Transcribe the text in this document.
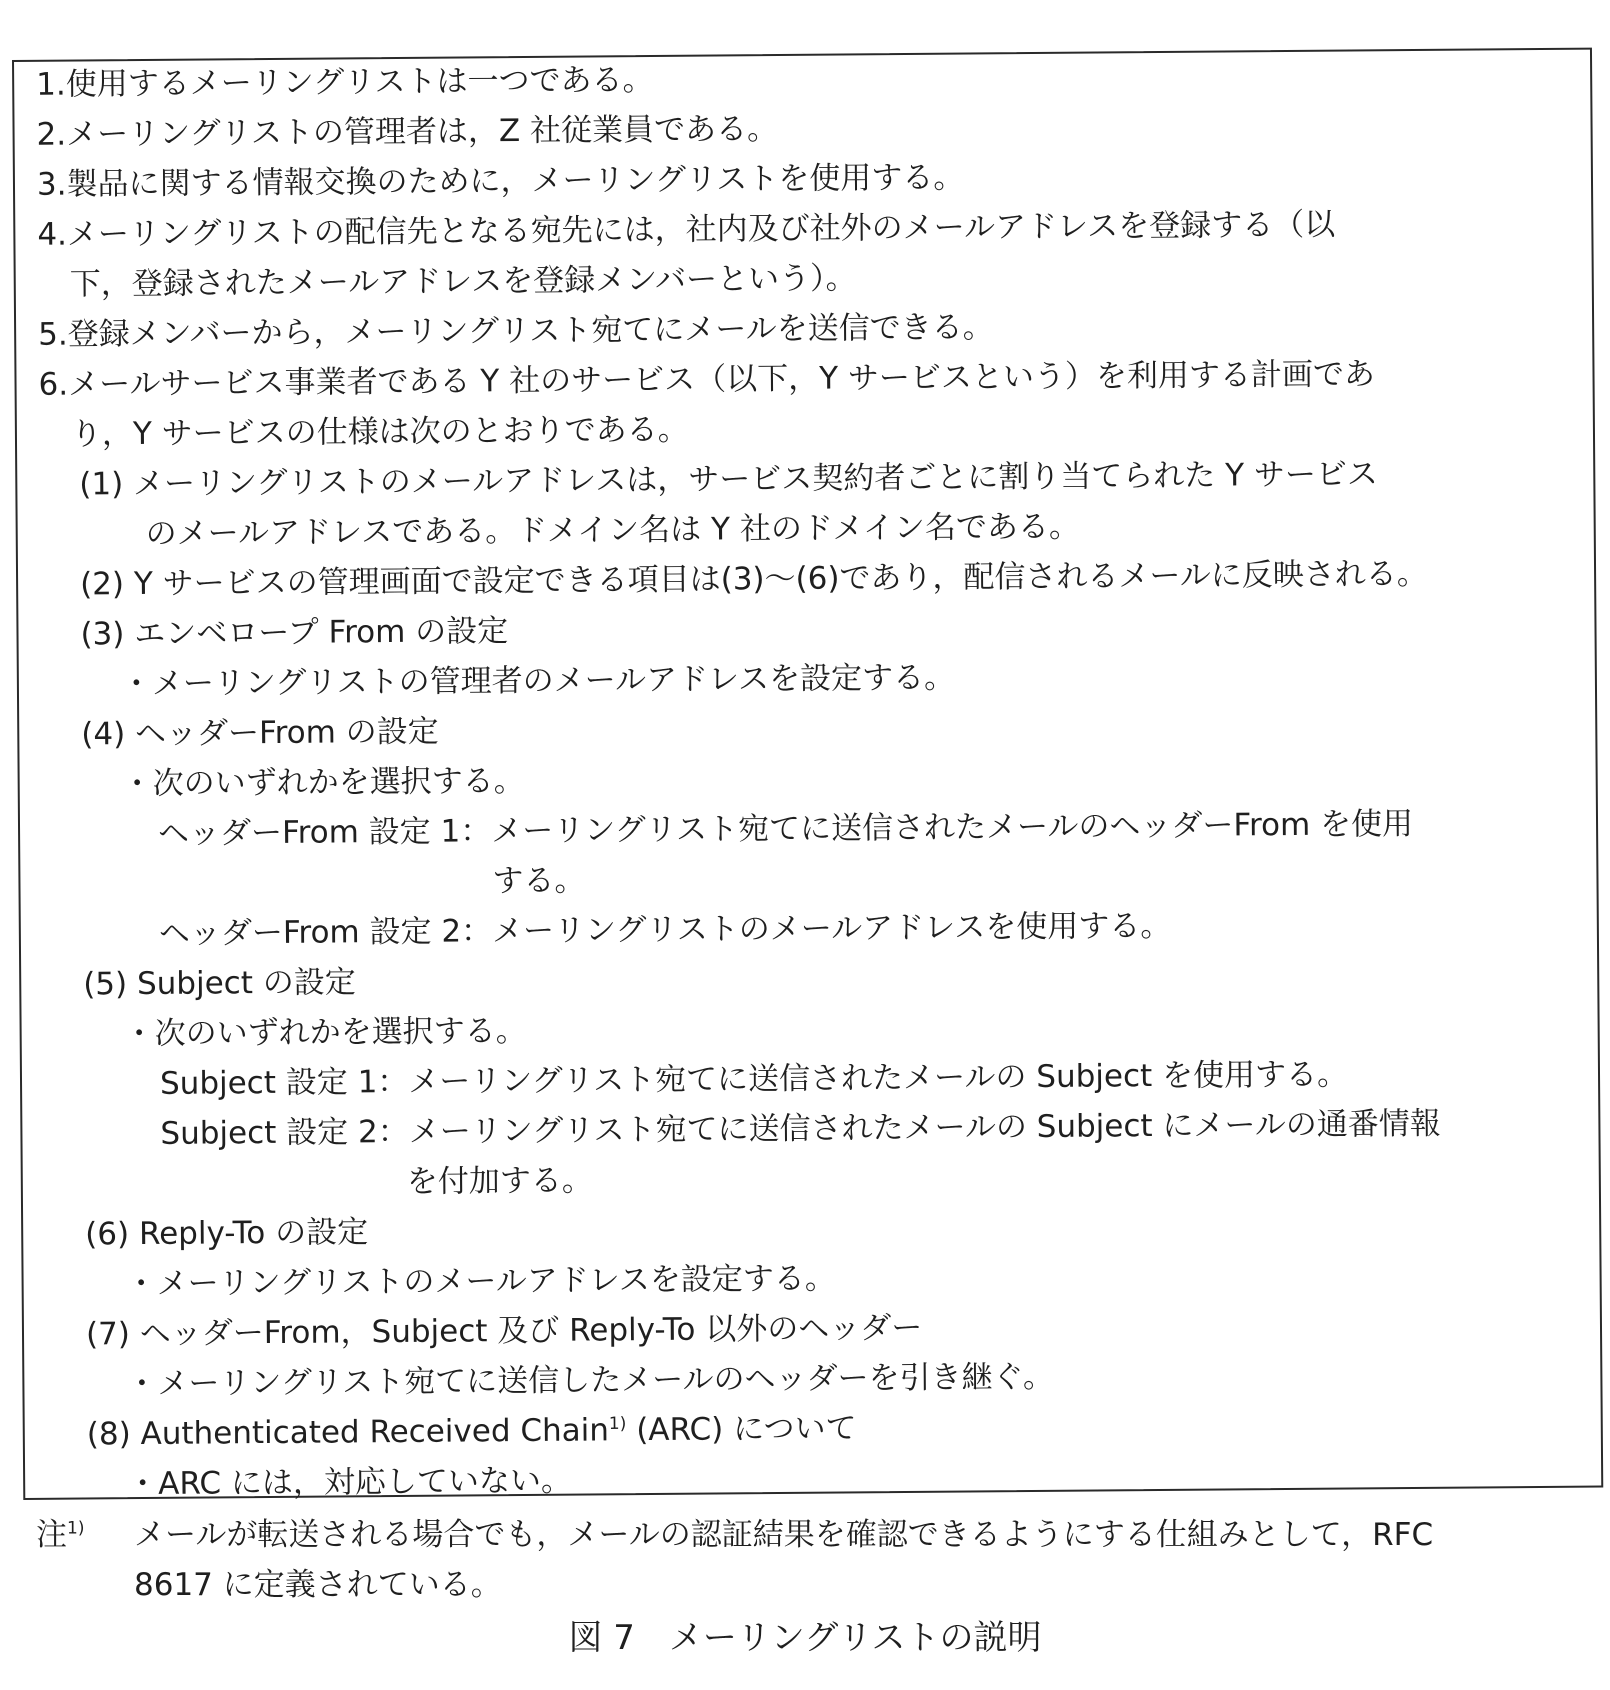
1.使用するメーリングリストは一つである。
2.メーリングリストの管理者は，Z 社従業員である。
3.製品に関する情報交換のために，メーリングリストを使用する。
4.メーリングリストの配信先となる宛先には，社内及び社外のメールアドレスを登録する（以
下，登録されたメールアドレスを登録メンバーという）。
5.登録メンバーから，メーリングリスト宛てにメールを送信できる。
6.メールサービス事業者である Y 社のサービス（以下，Y サービスという）を利用する計画であ
り，Y サービスの仕様は次のとおりである。
(1) メーリングリストのメールアドレスは，サービス契約者ごとに割り当てられた Y サービス
のメールアドレスである。ドメイン名は Y 社のドメイン名である。
(2) Y サービスの管理画面で設定できる項目は(3)～(6)であり，配信されるメールに反映される。
(3) エンベロープ From の設定
・メーリングリストの管理者のメールアドレスを設定する。
(4) ヘッダーFrom の設定
・次のいずれかを選択する。
ヘッダーFrom 設定 1：メーリングリスト宛てに送信されたメールのヘッダーFrom を使用
する。
ヘッダーFrom 設定 2：メーリングリストのメールアドレスを使用する。
(5) Subject の設定
・次のいずれかを選択する。
Subject 設定 1：メーリングリスト宛てに送信されたメールの Subject を使用する。
Subject 設定 2：メーリングリスト宛てに送信されたメールの Subject にメールの通番情報
を付加する。
(6) Reply-To の設定
・メーリングリストのメールアドレスを設定する。
(7) ヘッダーFrom，Subject 及び Reply-To 以外のヘッダー
・メーリングリスト宛てに送信したメールのヘッダーを引き継ぐ。
(8) Authenticated Received Chain$^{1)}$ (ARC) について
・ARC には，対応していない。
注$^{1)}$ メールが転送される場合でも，メールの認証結果を確認できるようにする仕組みとして，RFC
8617 に定義されている。
図 7　メーリングリストの説明
